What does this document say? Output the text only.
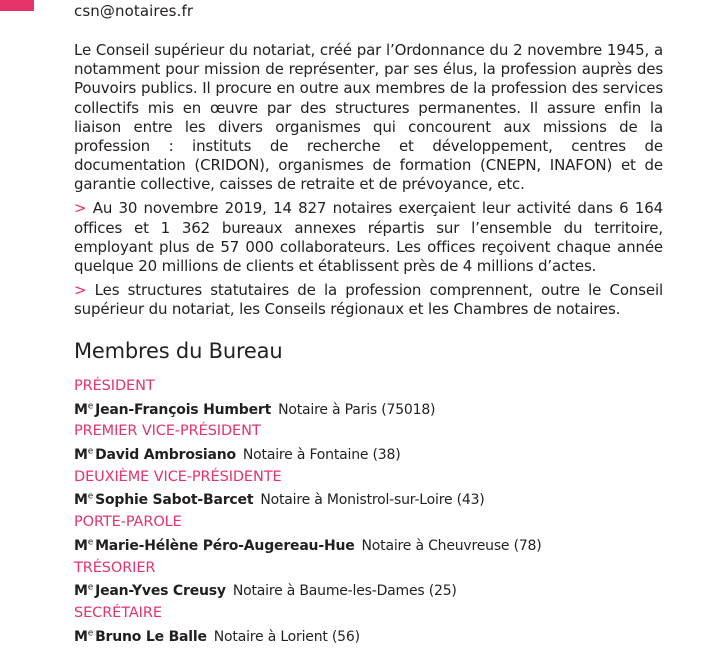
csn@notaires.fr

Le Conseil supérieur du notariat, créé par l’Ordonnance du 2 novembre 1945, a notamment pour mission de représenter, par ses élus, la profession auprès des Pouvoirs publics. Il procure en outre aux membres de la profession des services collectifs mis en œuvre par des structures permanentes. Il assure enfin la liaison entre les divers organismes qui concourent aux missions de la profession : instituts de recherche et développement, centres de documentation (CRIDON), organismes de formation (CNEPN, INAFON) et de garantie collective, caisses de retraite et de prévoyance, etc.

> Au 30 novembre 2019, 14 827 notaires exerçaient leur activité dans 6 164 offices et 1 362 bureaux annexes répartis sur l’ensemble du territoire, employant plus de 57 000 collaborateurs. Les offices reçoivent chaque année quelque 20 millions de clients et établissent près de 4 millions d’actes.

> Les structures statutaires de la profession comprennent, outre le Conseil supérieur du notariat, les Conseils régionaux et les Chambres de notaires.

Membres du Bureau
PRÉSIDENT
Me Jean-François Humbert Notaire à Paris (75018)
PREMIER VICE-PRÉSIDENT
Me David Ambrosiano Notaire à Fontaine (38)
DEUXIÈME VICE-PRÉSIDENTE
Me Sophie Sabot-Barcet Notaire à Monistrol-sur-Loire (43)
PORTE-PAROLE
Me Marie-Hélène Péro-Augereau-Hue Notaire à Cheuvreuse (78)
TRÉSORIER
Me Jean-Yves Creusy Notaire à Baume-les-Dames (25)
SECRÉTAIRE
Me Bruno Le Balle Notaire à Lorient (56)
